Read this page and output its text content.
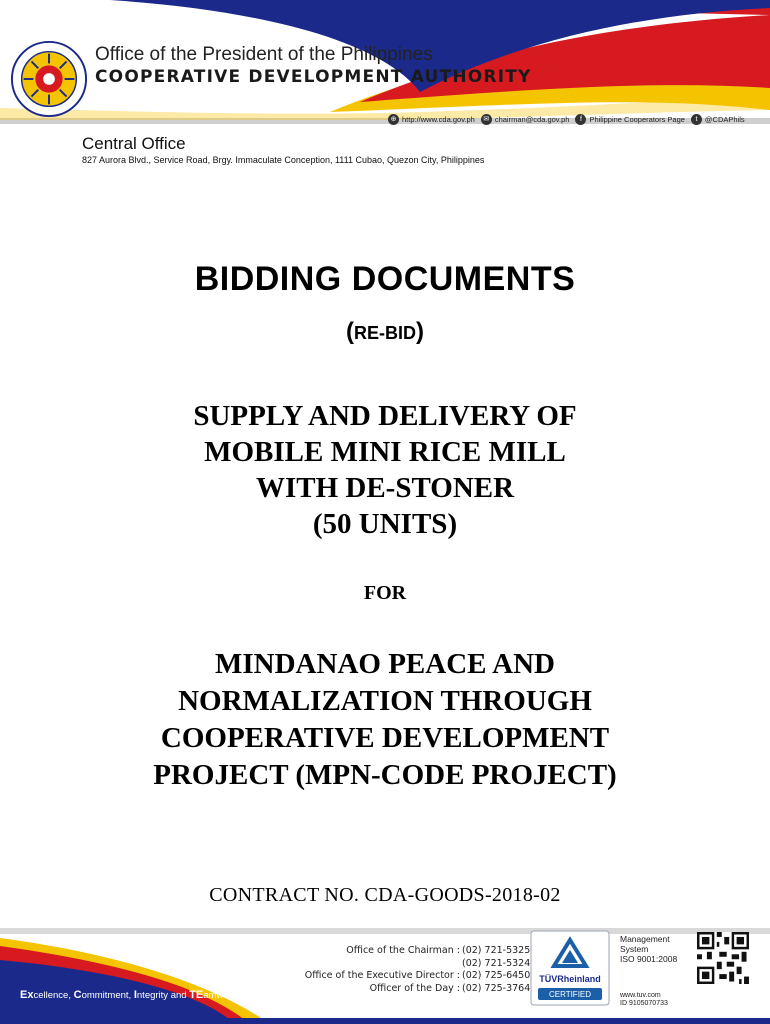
Office of the President of the Philippines
COOPERATIVE DEVELOPMENT AUTHORITY
⊕ http://www.cda.gov.ph	✉ chairman@cda.gov.ph	f	Philippine Cooperators Page	t	@CDAPhils
Central Office
827 Aurora Blvd., Service Road, Brgy. Immaculate Conception, 1111 Cubao, Quezon City, Philippines
BIDDING DOCUMENTS
(RE-BID)
SUPPLY AND DELIVERY OF
MOBILE MINI RICE MILL
WITH DE-STONER
(50 UNITS)
FOR
MINDANAO PEACE AND
NORMALIZATION THROUGH
COOPERATIVE DEVELOPMENT
PROJECT (MPN-CODE PROJECT)
CONTRACT NO. CDA-GOODS-2018-02
Office of the Chairman : (02) 721-5325
(02) 721-5324
Office of the Executive Director : (02) 725-6450
Officer of the Day : (02) 725-3764
Excellence, Commitment, Integrity and TEamwork
TÜVRheinland
CERTIFIED
Management
System
ISO 9001:2008
www.tuv.com
ID 9105070733
